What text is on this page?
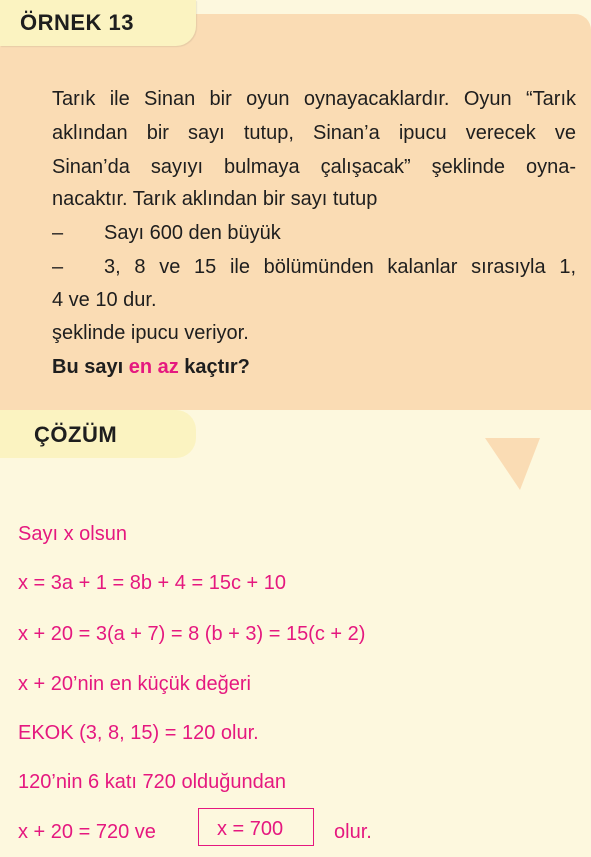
ÖRNEK 13
Tarık ile Sinan bir oyun oynayacaklardır. Oyun “Tarık
aklından bir sayı tutup, Sinan’a ipucu verecek ve
Sinan’da sayıyı bulmaya çalışacak” şeklinde oyna-
nacaktır. Tarık aklından bir sayı tutup
– Sayı 600 den büyük
– 3, 8 ve 15 ile bölümünden kalanlar sırasıyla 1,
4 ve 10 dur.
şeklinde ipucu veriyor.
Bu sayı en az kaçtır?
ÇÖZÜM
Sayı x olsun
x = 3a + 1 = 8b + 4 = 15c + 10
x + 20 = 3(a + 7) = 8 (b + 3) = 15(c + 2)
x + 20’nin en küçük değeri
EKOK (3, 8, 15) = 120 olur.
120’nin 6 katı 720 olduğundan
x + 20 = 720 ve	x = 700	olur.
